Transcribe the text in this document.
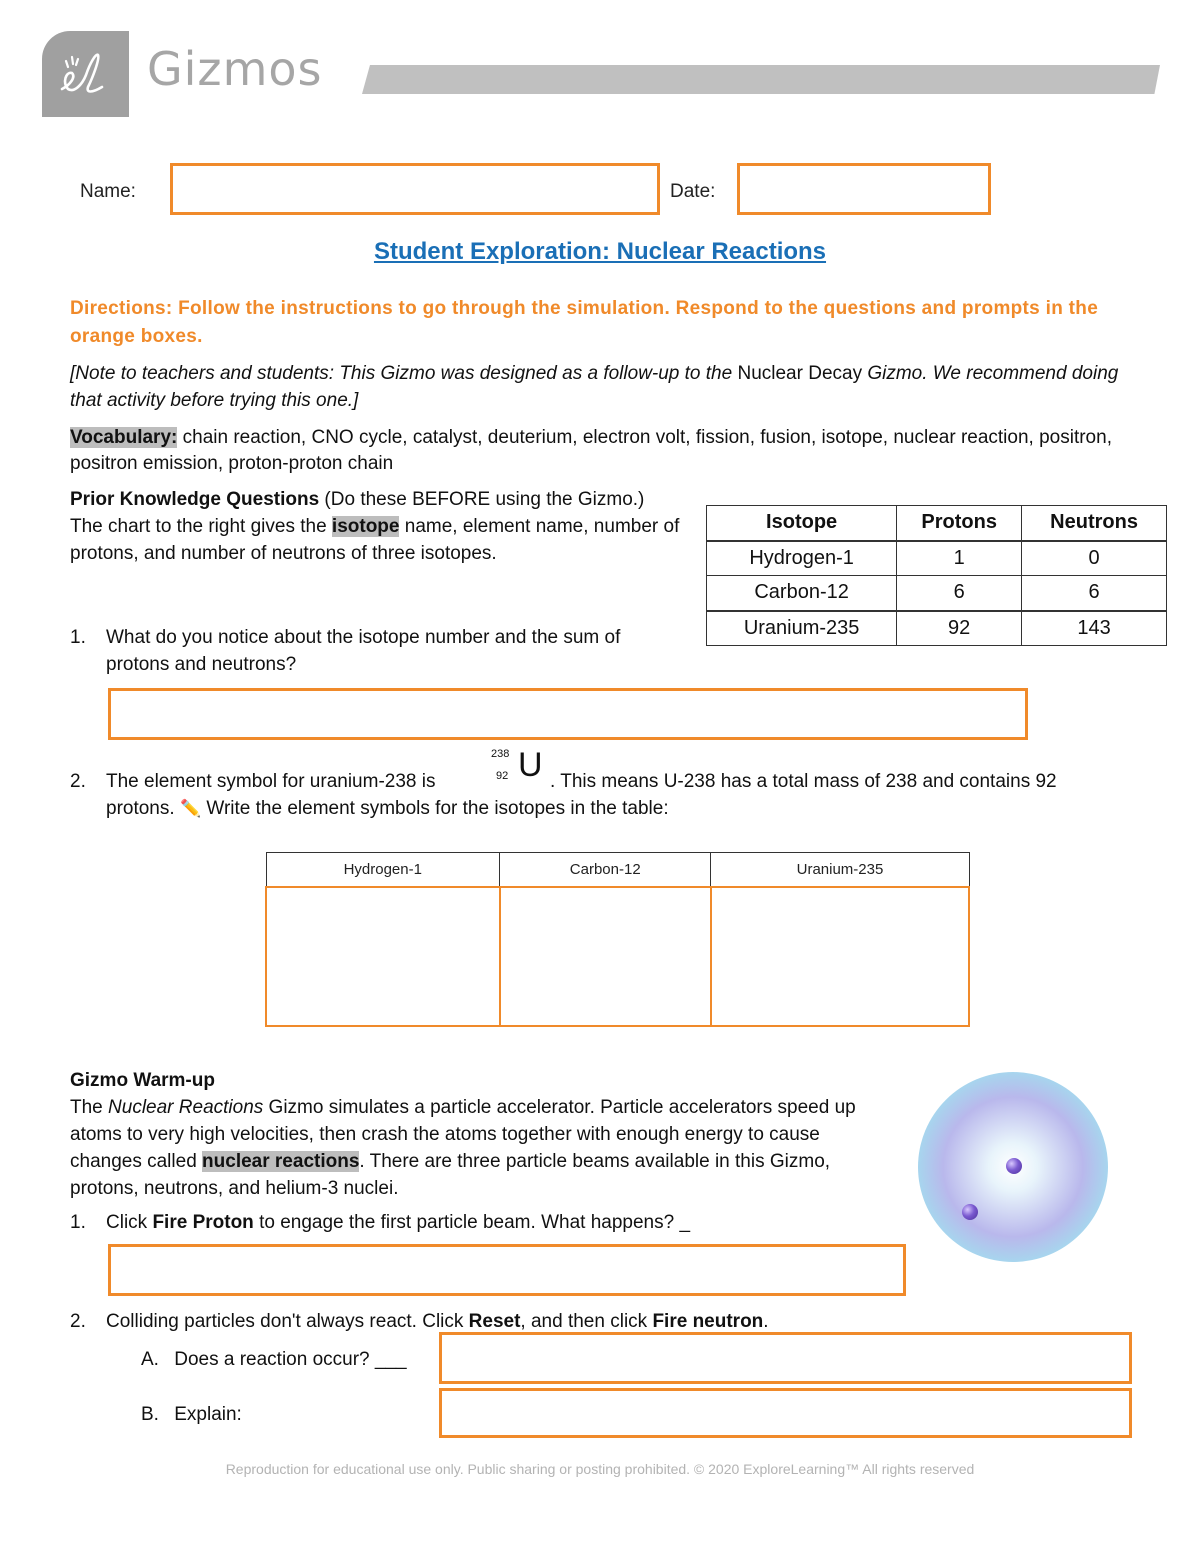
Gizmos
Name:	Date:
Student Exploration: Nuclear Reactions
Directions: Follow the instructions to go through the simulation. Respond to the questions and prompts in the orange boxes.
[Note to teachers and students: This Gizmo was designed as a follow-up to the Nuclear Decay Gizmo. We recommend doing that activity before trying this one.]
Vocabulary: chain reaction, CNO cycle, catalyst, deuterium, electron volt, fission, fusion, isotope, nuclear reaction, positron, positron emission, proton-proton chain
Prior Knowledge Questions (Do these BEFORE using the Gizmo.)
The chart to the right gives the isotope name, element name, number of protons, and number of neutrons of three isotopes.
Isotope	Protons	Neutrons
Hydrogen-1	1	0
Carbon-12	6	6
Uranium-235	92	143
1. What do you notice about the isotope number and the sum of protons and neutrons?
2. The element symbol for uranium-238 is	. This means U-238 has a total mass of 238 and contains 92
protons. ✏️ Write the element symbols for the isotopes in the table:
238
92 U
Hydrogen-1	Carbon-12	Uranium-235

Gizmo Warm-up
The Nuclear Reactions Gizmo simulates a particle accelerator. Particle accelerators speed up atoms to very high velocities, then crash the atoms together with enough energy to cause changes called nuclear reactions. There are three particle beams available in this Gizmo, protons, neutrons, and helium-3 nuclei.
1. Click Fire Proton to engage the first particle beam. What happens? _
2. Colliding particles don't always react. Click Reset, and then click Fire neutron.
A. Does a reaction occur? ___
B. Explain:
Reproduction for educational use only. Public sharing or posting prohibited. © 2020 ExploreLearning™ All rights reserved
